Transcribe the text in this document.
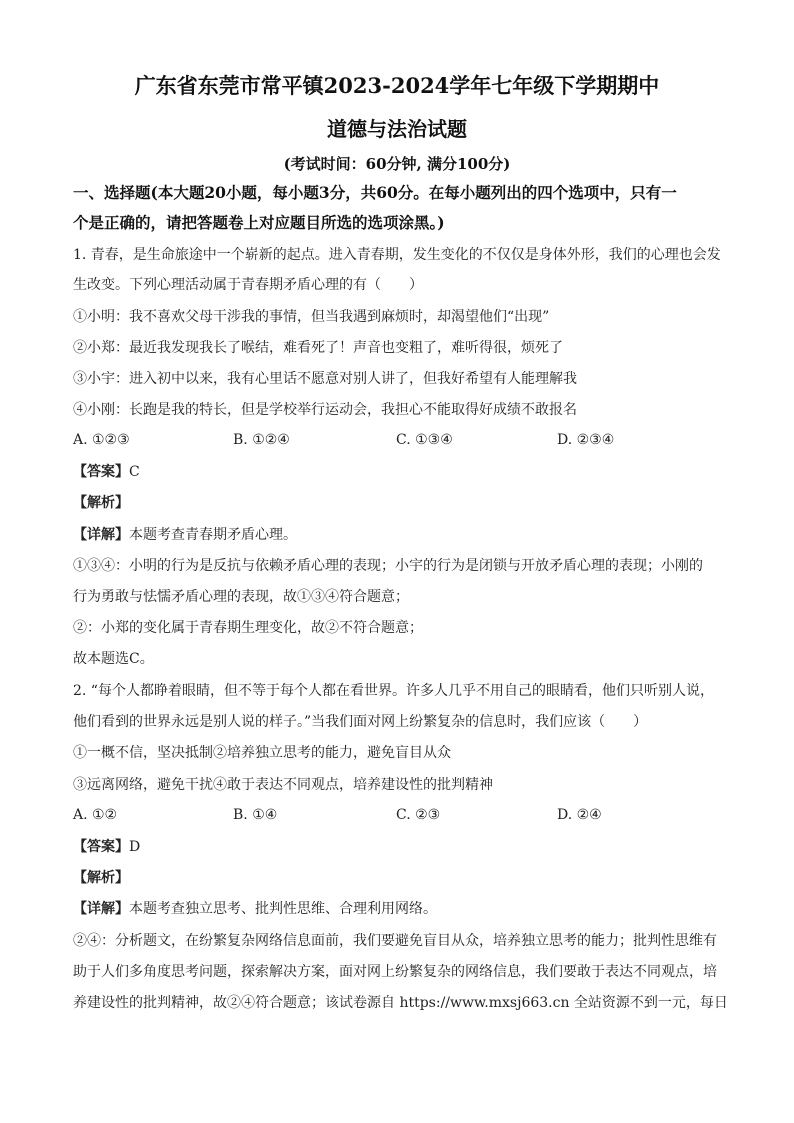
广东省东莞市常平镇2023-2024学年七年级下学期期中
道德与法治试题
(考试时间：60分钟, 满分100分)
一、选择题(本大题20小题，每小题3分，共60分。在每小题列出的四个选项中，只有一
个是正确的，请把答题卷上对应题目所选的选项涂黑。)
1. 青春，是生命旅途中一个崭新的起点。进入青春期，发生变化的不仅仅是身体外形，我们的心理也会发
生改变。下列心理活动属于青春期矛盾心理的有（　　）
①小明：我不喜欢父母干涉我的事情，但当我遇到麻烦时，却渴望他们“出现”
②小郑：最近我发现我长了喉结，难看死了！声音也变粗了，难听得很，烦死了
③小宇：进入初中以来，我有心里话不愿意对别人讲了，但我好希望有人能理解我
④小刚：长跑是我的特长，但是学校举行运动会，我担心不能取得好成绩不敢报名
A. ①②③	B. ①②④	C. ①③④	D. ②③④
【答案】C
【解析】
【详解】本题考查青春期矛盾心理。
①③④：小明的行为是反抗与依赖矛盾心理的表现；小宇的行为是闭锁与开放矛盾心理的表现；小刚的
行为勇敢与怯懦矛盾心理的表现，故①③④符合题意；
②：小郑的变化属于青春期生理变化，故②不符合题意；
故本题选C。
2. “每个人都睁着眼睛，但不等于每个人都在看世界。许多人几乎不用自己的眼睛看，他们只听别人说，
他们看到的世界永远是别人说的样子。”当我们面对网上纷繁复杂的信息时，我们应该（　　）
①一概不信，坚决抵制②培养独立思考的能力，避免盲目从众
③远离网络，避免干扰④敢于表达不同观点，培养建设性的批判精神
A. ①②	B. ①④	C. ②③	D. ②④
【答案】D
【解析】
【详解】本题考查独立思考、批判性思维、合理利用网络。
②④：分析题文，在纷繁复杂网络信息面前，我们要避免盲目从众，培养独立思考的能力；批判性思维有
助于人们多角度思考问题，探索解决方案，面对网上纷繁复杂的网络信息，我们要敢于表达不同观点，培
养建设性的批判精神，故②④符合题意；该试卷源自 https://www.mxsj663.cn 全站资源不到一元，每日
